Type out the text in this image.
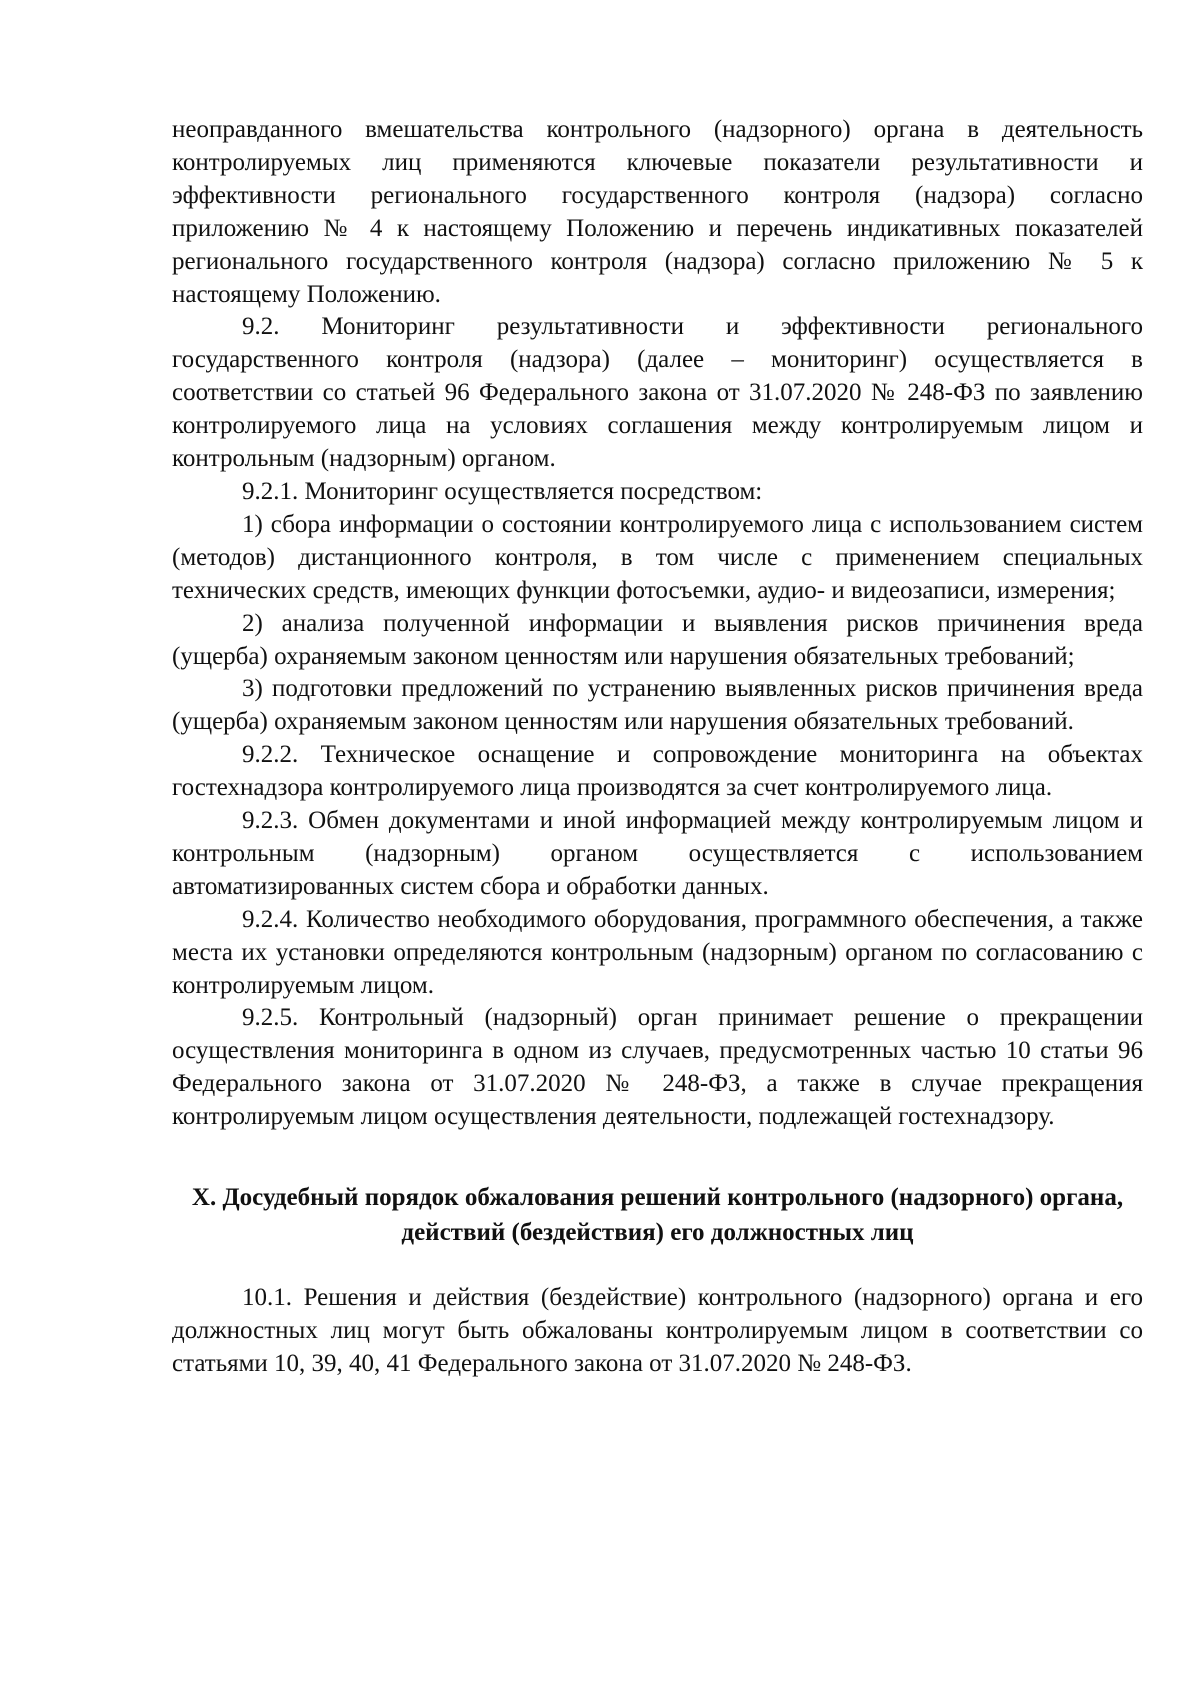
неоправданного вмешательства контрольного (надзорного) органа в деятельность контролируемых лиц применяются ключевые показатели результативности и эффективности регионального государственного контроля (надзора) согласно приложению № 4 к настоящему Положению и перечень индикативных показателей регионального государственного контроля (надзора) согласно приложению № 5 к настоящему Положению.

9.2. Мониторинг результативности и эффективности регионального государственного контроля (надзора) (далее – мониторинг) осуществляется в соответствии со статьей 96 Федерального закона от 31.07.2020 № 248-ФЗ по заявлению контролируемого лица на условиях соглашения между контролируемым лицом и контрольным (надзорным) органом.

9.2.1. Мониторинг осуществляется посредством:

1) сбора информации о состоянии контролируемого лица с использованием систем (методов) дистанционного контроля, в том числе с применением специальных технических средств, имеющих функции фотосъемки, аудио- и видеозаписи, измерения;

2) анализа полученной информации и выявления рисков причинения вреда (ущерба) охраняемым законом ценностям или нарушения обязательных требований;

3) подготовки предложений по устранению выявленных рисков причинения вреда (ущерба) охраняемым законом ценностям или нарушения обязательных требований.

9.2.2. Техническое оснащение и сопровождение мониторинга на объектах гостехнадзора контролируемого лица производятся за счет контролируемого лица.

9.2.3. Обмен документами и иной информацией между контролируемым лицом и контрольным (надзорным) органом осуществляется с использованием автоматизированных систем сбора и обработки данных.

9.2.4. Количество необходимого оборудования, программного обеспечения, а также места их установки определяются контрольным (надзорным) органом по согласованию с контролируемым лицом.

9.2.5. Контрольный (надзорный) орган принимает решение о прекращении осуществления мониторинга в одном из случаев, предусмотренных частью 10 статьи 96 Федерального закона от 31.07.2020 № 248-ФЗ, а также в случае прекращения контролируемым лицом осуществления деятельности, подлежащей гостехнадзору.

X. Досудебный порядок обжалования решений контрольного (надзорного) органа, действий (бездействия) его должностных лиц

10.1. Решения и действия (бездействие) контрольного (надзорного) органа и его должностных лиц могут быть обжалованы контролируемым лицом в соответствии со статьями 10, 39, 40, 41 Федерального закона от 31.07.2020 № 248-ФЗ.
